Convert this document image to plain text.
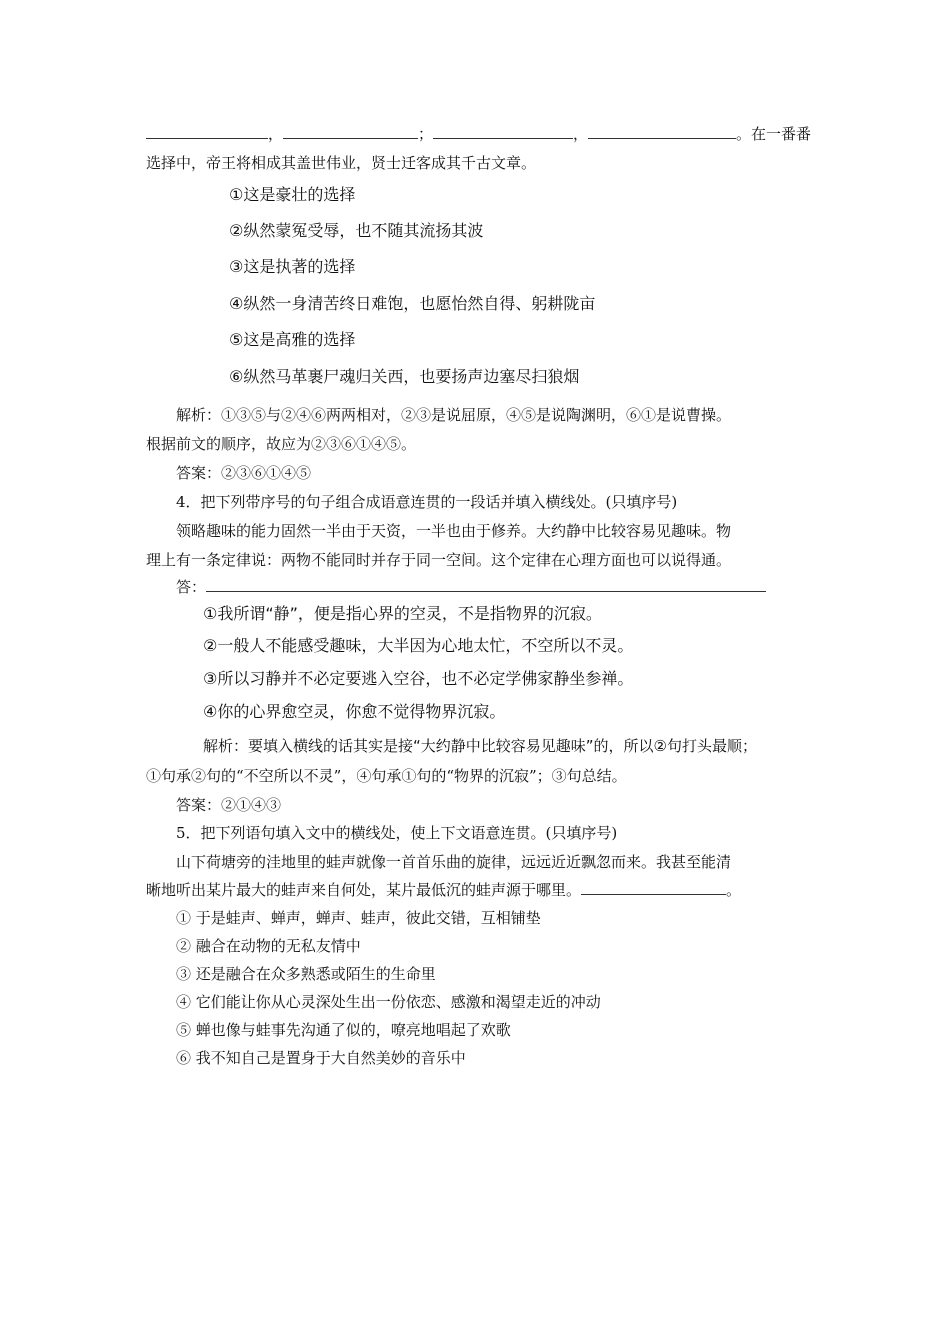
，	；	，	。在一番番
选择中，帝王将相成其盖世伟业，贤士迁客成其千古文章。
①这是豪壮的选择
②纵然蒙冤受辱，也不随其流扬其波
③这是执著的选择
④纵然一身清苦终日难饱，也愿怡然自得、躬耕陇亩
⑤这是高雅的选择
⑥纵然马革裹尸魂归关西，也要扬声边塞尽扫狼烟
解析：①③⑤与②④⑥两两相对，②③是说屈原，④⑤是说陶渊明，⑥①是说曹操。
根据前文的顺序，故应为②③⑥①④⑤。
答案：②③⑥①④⑤
4．把下列带序号的句子组合成语意连贯的一段话并填入横线处。(只填序号)
领略趣味的能力固然一半由于天资，一半也由于修养。大约静中比较容易见趣味。物
理上有一条定律说：两物不能同时并存于同一空间。这个定律在心理方面也可以说得通。
答：
①我所谓“静”，便是指心界的空灵，不是指物界的沉寂。
②一般人不能感受趣味，大半因为心地太忙，不空所以不灵。
③所以习静并不必定要逃入空谷，也不必定学佛家静坐参禅。
④你的心界愈空灵，你愈不觉得物界沉寂。
解析：要填入横线的话其实是接“大约静中比较容易见趣味”的，所以②句打头最顺；
①句承②句的“不空所以不灵”，④句承①句的“物界的沉寂”；③句总结。
答案：②①④③
5．把下列语句填入文中的横线处，使上下文语意连贯。(只填序号)
山下荷塘旁的洼地里的蛙声就像一首首乐曲的旋律，远远近近飘忽而来。我甚至能清
晰地听出某片最大的蛙声来自何处，某片最低沉的蛙声源于哪里。	。
① 于是蛙声、蝉声，蝉声、蛙声，彼此交错，互相铺垫
② 融合在动物的无私友情中
③ 还是融合在众多熟悉或陌生的生命里
④ 它们能让你从心灵深处生出一份依恋、感激和渴望走近的冲动
⑤ 蝉也像与蛙事先沟通了似的，嘹亮地唱起了欢歌
⑥ 我不知自己是置身于大自然美妙的音乐中
